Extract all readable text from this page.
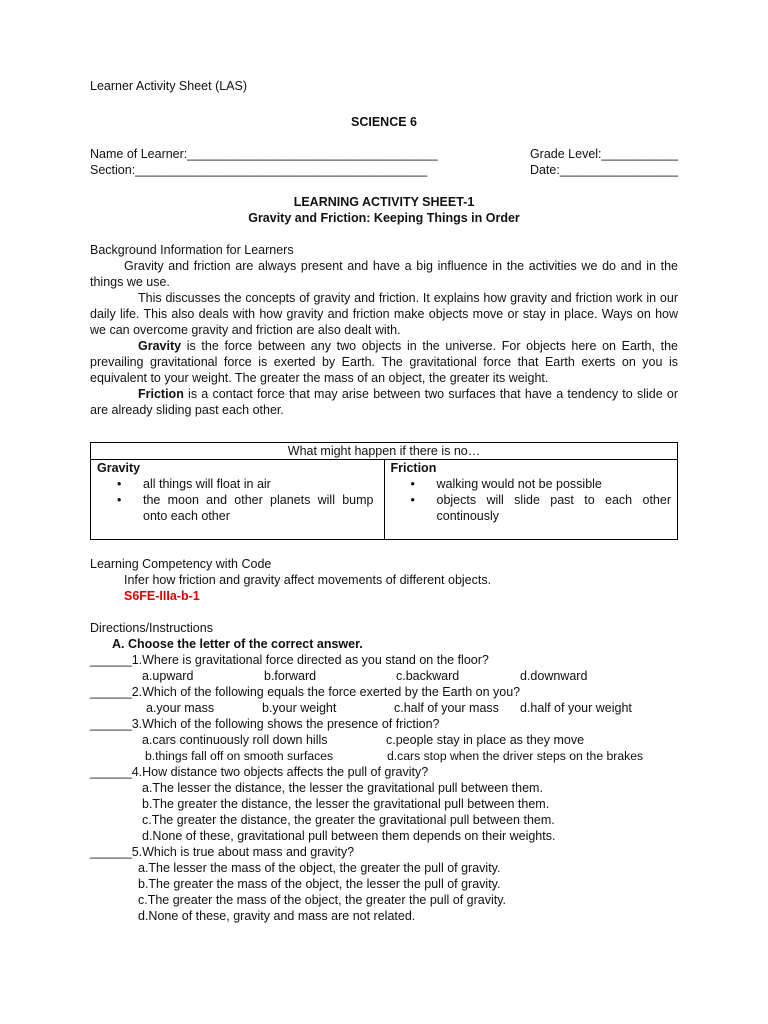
Learner Activity Sheet (LAS)
SCIENCE 6
Name of Learner:____________________________________	Grade Level:___________
Section:__________________________________________	Date:_________________
LEARNING ACTIVITY SHEET-1
Gravity and Friction: Keeping Things in Order
Background Information for Learners
Gravity and friction are always present and have a big influence in the activities we do and in the things we use.
This discusses the concepts of gravity and friction. It explains how gravity and friction work in our daily life. This also deals with how gravity and friction make objects move or stay in place. Ways on how we can overcome gravity and friction are also dealt with.
Gravity is the force between any two objects in the universe. For objects here on Earth, the prevailing gravitational force is exerted by Earth. The gravitational force that Earth exerts on you is equivalent to your weight. The greater the mass of an object, the greater its weight.
Friction is a contact force that may arise between two surfaces that have a tendency to slide or are already sliding past each other.
What might happen if there is no…

Gravity
• all things will float in air
• the moon and other planets will bump onto each other

Friction
• walking would not be possible
• objects will slide past to each other continously
Learning Competency with Code
Infer how friction and gravity affect movements of different objects.
S6FE-IIIa-b-1
Directions/Instructions
A. Choose the letter of the correct answer.
______1.Where is gravitational force directed as you stand on the floor?
a.upward	b.forward	c.backward	d.downward
______2.Which of the following equals the force exerted by the Earth on you?
a.your mass	b.your weight	c.half of your mass	d.half of your weight
______3.Which of the following shows the presence of friction?
a.cars continuously roll down hills	c.people stay in place as they move
b.things fall off on smooth surfaces	d.cars stop when the driver steps on the brakes
______4.How distance two objects affects the pull of gravity?
a.The lesser the distance, the lesser the gravitational pull between them.
b.The greater the distance, the lesser the gravitational pull between them.
c.The greater the distance, the greater the gravitational pull between them.
d.None of these, gravitational pull between them depends on their weights.
______5.Which is true about mass and gravity?
a.The lesser the mass of the object, the greater the pull of gravity.
b.The greater the mass of the object, the lesser the pull of gravity.
c.The greater the mass of the object, the greater the pull of gravity.
d.None of these, gravity and mass are not related.
